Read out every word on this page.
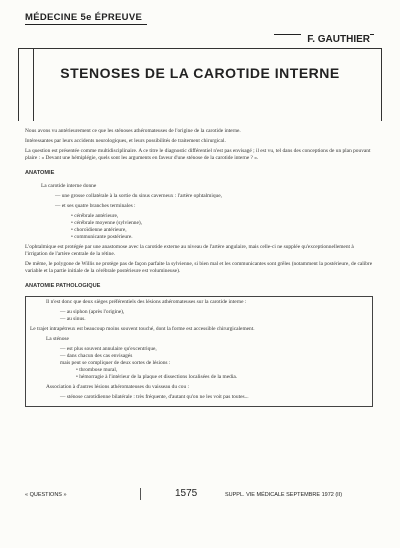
MÉDECINE 5e ÉPREUVE
F. GAUTHIER
STENOSES DE LA CAROTIDE INTERNE

Nous avons vu antérieurement ce que les sténoses athéromateuses de l'origine de la carotide interne.

Intéressantes par leurs accidents neurologiques, et leurs possibilités de traitement chirurgical.

La question est présentée comme multidisciplinaire. A ce titre le diagnostic différentiel n'est pas envisagé ; il est vu, tel dans des conceptions de un plan pouvant plaire : « Devant une hémiplégie, quels sont les arguments en faveur d'une sténose de la carotide interne ? ».

ANATOMIE

La carotide interne donne

— une grosse collatérale à la sortie du sinus caverneux : l'artère ophtalmique,

— et ses quatre branches terminales :

• cérébrale antérieure,

• cérébrale moyenne (sylvienne),

• choroïdienne antérieure,

• communicante postérieure.

L'ophtalmique est protégée par une anastomose avec la carotide externe au niveau de l'artère angulaire, mais celle-ci ne supplée qu'exceptionnellement à l'irrigation de l'artère centrale de la rétine.

De même, le polygone de Willis ne protège pas de façon parfaite la sylvienne, si bien mal et les communicantes sont grêles (notamment la postérieure, de calibre variable et la partie initiale de la cérébrale postérieure est volumineuse).

ANATOMIE PATHOLOGIQUE

Il n'est donc que deux sièges préférentiels des lésions athéromateuses sur la carotide interne :

— au siphon (après l'origine),

— au sinus.

Le trajet intrapétreux est beaucoup moins souvent touché, dont la forme est accessible chirurgicalement.

La sténose

— est plus souvent annulaire qu'excentrique,

— dans chacun des cas envisagés

mais peut se compliquer de deux sortes de lésions :

• thrombose mural,

• hémorragie à l'intérieur de la plaque et dissections localisées de la media.

Association à d'autres lésions athéromateuses du vaisseau du cou :

— sténose carotidienne bilatérale : très fréquente, d'autant qu'on ne les voit pas toutes...

« QUESTIONS »	1575	SUPPL. VIE MÉDICALE SEPTEMBRE 1972 (II)
